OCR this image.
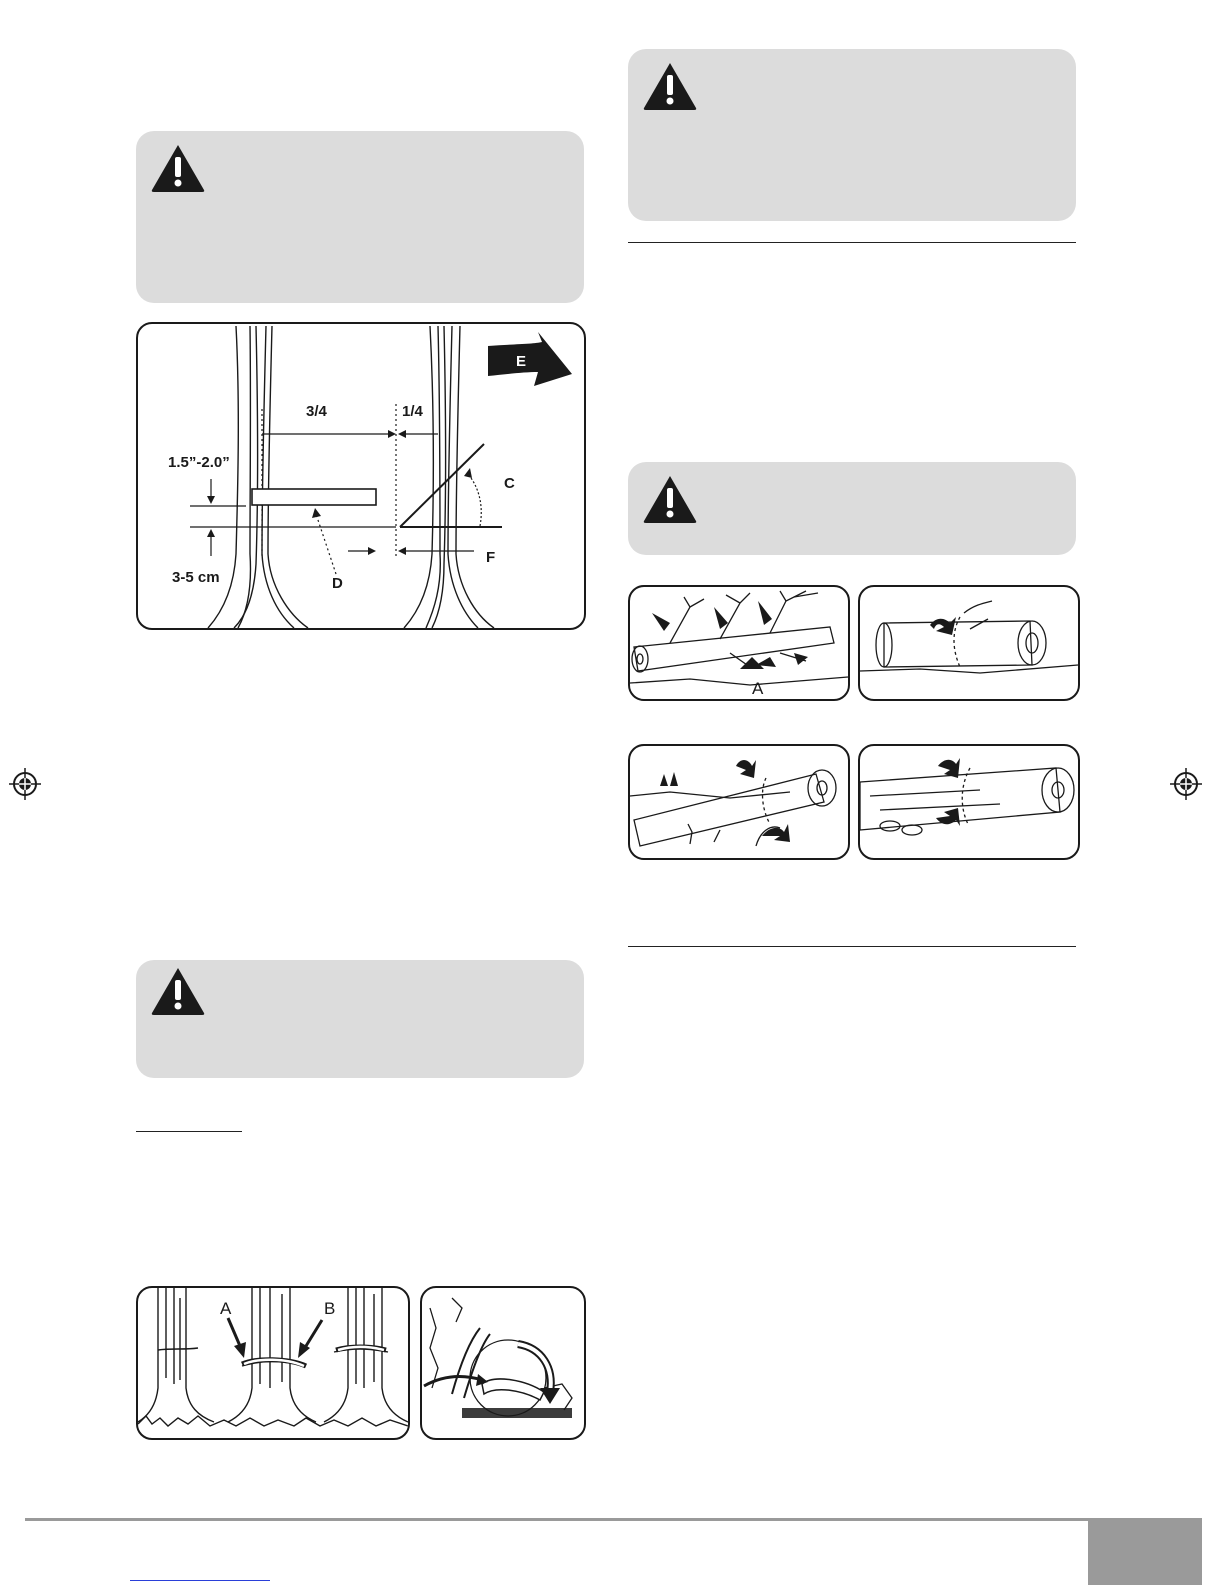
3/4	1/4
1.5”-2.0”
3-5 cm	D
C
F
E
A	B
A
